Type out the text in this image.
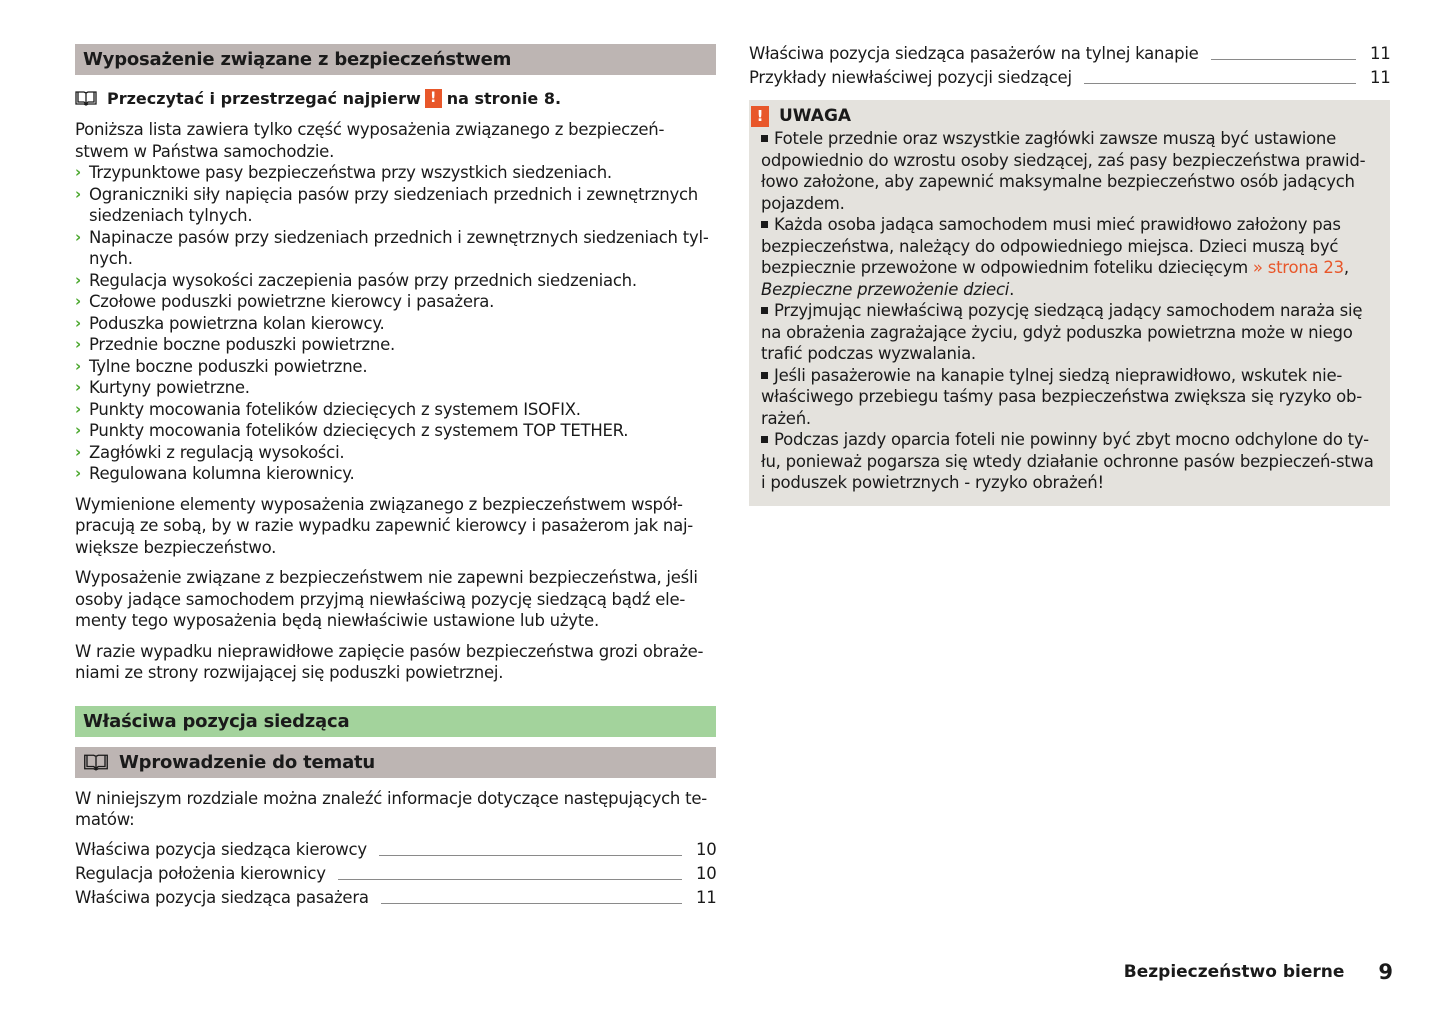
Wyposażenie związane z bezpieczeństwem
Przeczytać i przestrzegać najpierw ! na stronie 8.

Poniższa lista zawiera tylko część wyposażenia związanego z bezpieczeń-stwem w Państwa samochodzie.

› Trzypunktowe pasy bezpieczeństwa przy wszystkich siedzeniach.
› Ograniczniki siły napięcia pasów przy siedzeniach przednich i zewnętrznych siedzeniach tylnych.
› Napinacze pasów przy siedzeniach przednich i zewnętrznych siedzeniach tyl-nych.
› Regulacja wysokości zaczepienia pasów przy przednich siedzeniach.
› Czołowe poduszki powietrzne kierowcy i pasażera.
› Poduszka powietrzna kolan kierowcy.
› Przednie boczne poduszki powietrzne.
› Tylne boczne poduszki powietrzne.
› Kurtyny powietrzne.
› Punkty mocowania fotelików dziecięcych z systemem ISOFIX.
› Punkty mocowania fotelików dziecięcych z systemem TOP TETHER.
› Zagłówki z regulacją wysokości.
› Regulowana kolumna kierownicy.

Wymienione elementy wyposażenia związanego z bezpieczeństwem współ-pracują ze sobą, by w razie wypadku zapewnić kierowcy i pasażerom jak naj-większe bezpieczeństwo.

Wyposażenie związane z bezpieczeństwem nie zapewni bezpieczeństwa, jeśli osoby jadące samochodem przyjmą niewłaściwą pozycję siedzącą bądź ele-menty tego wyposażenia będą niewłaściwie ustawione lub użyte.

W razie wypadku nieprawidłowe zapięcie pasów bezpieczeństwa grozi obraże-niami ze strony rozwijającej się poduszki powietrznej.

Właściwa pozycja siedząca
Wprowadzenie do tematu

W niniejszym rozdziale można znaleźć informacje dotyczące następujących te-matów:

Właściwa pozycja siedząca kierowcy	10
Regulacja położenia kierownicy	10
Właściwa pozycja siedząca pasażera	11
Właściwa pozycja siedząca pasażerów na tylnej kanapie	11
Przykłady niewłaściwej pozycji siedzącej	11
! UWAGA
Fotele przednie oraz wszystkie zagłówki zawsze muszą być ustawione odpowiednio do wzrostu osoby siedzącej, zaś pasy bezpieczeństwa prawid-łowo założone, aby zapewnić maksymalne bezpieczeństwo osób jadących pojazdem.
Każda osoba jadąca samochodem musi mieć prawidłowo założony pas bezpieczeństwa, należący do odpowiedniego miejsca. Dzieci muszą być bezpiecznie przewożone w odpowiednim foteliku dziecięcym » strona 23,
Bezpieczne przewożenie dzieci.
Przyjmując niewłaściwą pozycję siedzącą jadący samochodem naraża się na obrażenia zagrażające życiu, gdyż poduszka powietrzna może w niego trafić podczas wyzwalania.
Jeśli pasażerowie na kanapie tylnej siedzą nieprawidłowo, wskutek nie-właściwego przebiegu taśmy pasa bezpieczeństwa zwiększa się ryzyko ob-rażeń.
Podczas jazdy oparcia foteli nie powinny być zbyt mocno odchylone do ty-łu, ponieważ pogarsza się wtedy działanie ochronne pasów bezpieczeń-stwa i poduszek powietrznych - ryzyko obrażeń!
Bezpieczeństwo bierne 9
